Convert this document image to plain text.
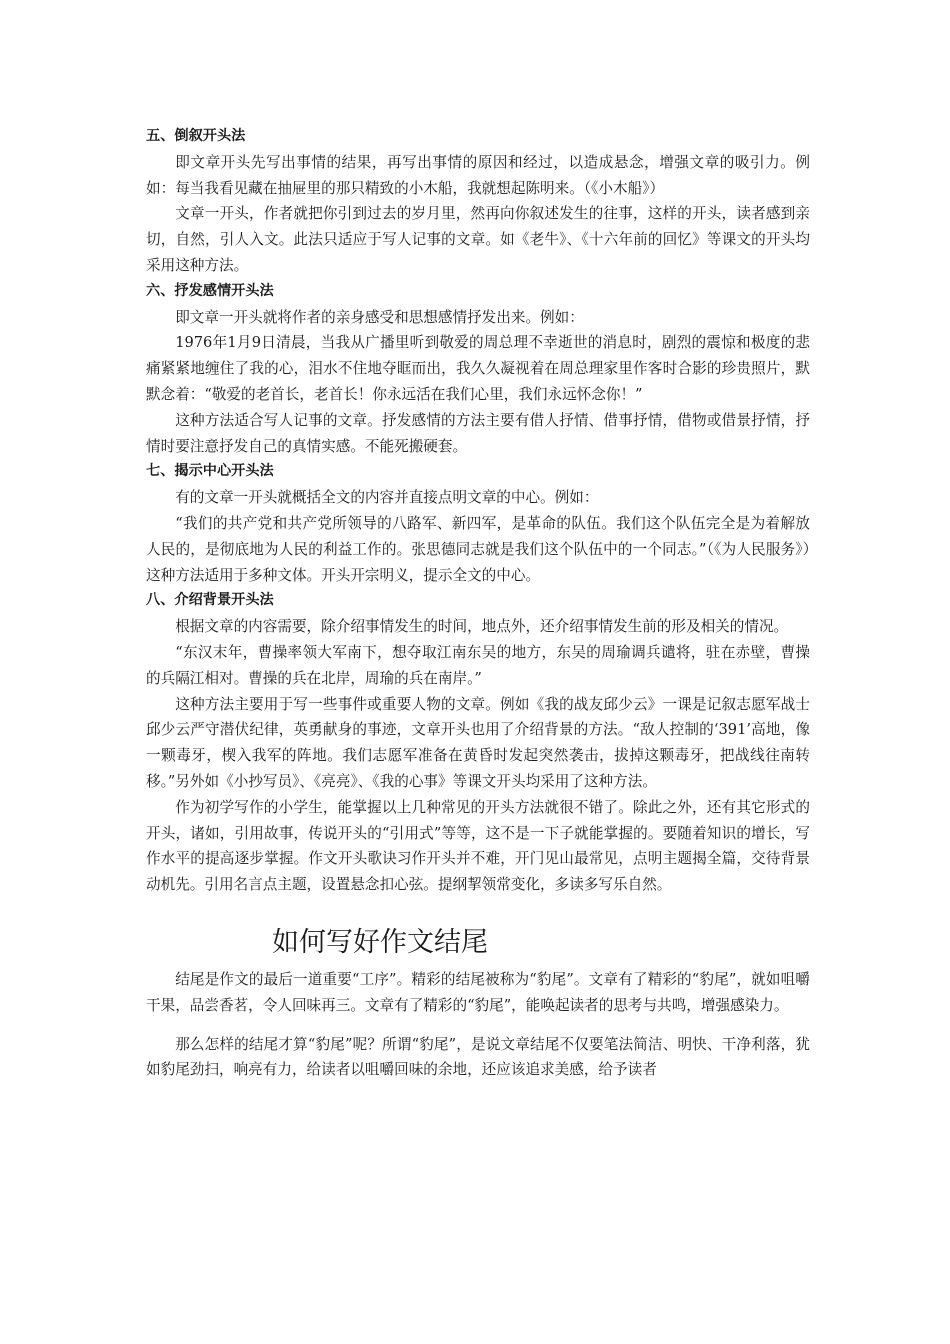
五、倒叙开头法

即文章开头先写出事情的结果，再写出事情的原因和经过，以造成悬念，增强文章的吸引力。例如：每当我看见藏在抽屉里的那只精致的小木船，我就想起陈明来。（《小木船》）

文章一开头，作者就把你引到过去的岁月里，然再向你叙述发生的往事，这样的开头，读者感到亲切，自然，引人入文。此法只适应于写人记事的文章。如《老牛》、《十六年前的回忆》等课文的开头均采用这种方法。

六、抒发感情开头法

即文章一开头就将作者的亲身感受和思想感情抒发出来。例如：

1976年1月9日清晨，当我从广播里听到敬爱的周总理不幸逝世的消息时，剧烈的震惊和极度的悲痛紧紧地缠住了我的心，泪水不住地夺眶而出，我久久凝视着在周总理家里作客时合影的珍贵照片，默默念着：“敬爱的老首长，老首长！你永远活在我们心里，我们永远怀念你！”

这种方法适合写人记事的文章。抒发感情的方法主要有借人抒情、借事抒情，借物或借景抒情，抒情时要注意抒发自己的真情实感。不能死搬硬套。

七、揭示中心开头法

有的文章一开头就概括全文的内容并直接点明文章的中心。例如：

“我们的共产党和共产党所领导的八路军、新四军，是革命的队伍。我们这个队伍完全是为着解放人民的，是彻底地为人民的利益工作的。张思德同志就是我们这个队伍中的一个同志。”（《为人民服务》）这种方法适用于多种文体。开头开宗明义，提示全文的中心。

八、介绍背景开头法

根据文章的内容需要，除介绍事情发生的时间，地点外，还介绍事情发生前的形及相关的情况。

“东汉末年，曹操率领大军南下，想夺取江南东吴的地方，东吴的周瑜调兵谴将，驻在赤壁，曹操的兵隔江相对。曹操的兵在北岸，周瑜的兵在南岸。”

这种方法主要用于写一些事件或重要人物的文章。例如《我的战友邱少云》一课是记叙志愿军战士邱少云严守潜伏纪律，英勇献身的事迹，文章开头也用了介绍背景的方法。“敌人控制的‘391’高地，像一颗毒牙，楔入我军的阵地。我们志愿军准备在黄昏时发起突然袭击，拔掉这颗毒牙，把战线往南转移。”另外如《小抄写员》、《亮亮》、《我的心事》等课文开头均采用了这种方法。

作为初学写作的小学生，能掌握以上几种常见的开头方法就很不错了。除此之外，还有其它形式的开头，诸如，引用故事，传说开头的“引用式”等等，这不是一下子就能掌握的。要随着知识的增长，写作水平的提高逐步掌握。作文开头歌诀习作开头并不难，开门见山最常见，点明主题揭全篇，交待背景动机先。引用名言点主题，设置悬念扣心弦。提纲挈领常变化，多读多写乐自然。

如何写好作文结尾

结尾是作文的最后一道重要“工序”。精彩的结尾被称为“豹尾”。文章有了精彩的“豹尾”，就如咀嚼干果，品尝香茗，令人回味再三。文章有了精彩的“豹尾”，能唤起读者的思考与共鸣，增强感染力。

那么怎样的结尾才算“豹尾”呢？所谓“豹尾”，是说文章结尾不仅要笔法简洁、明快、干净利落，犹如豹尾劲扫，响亮有力，给读者以咀嚼回味的余地，还应该追求美感，给予读者
